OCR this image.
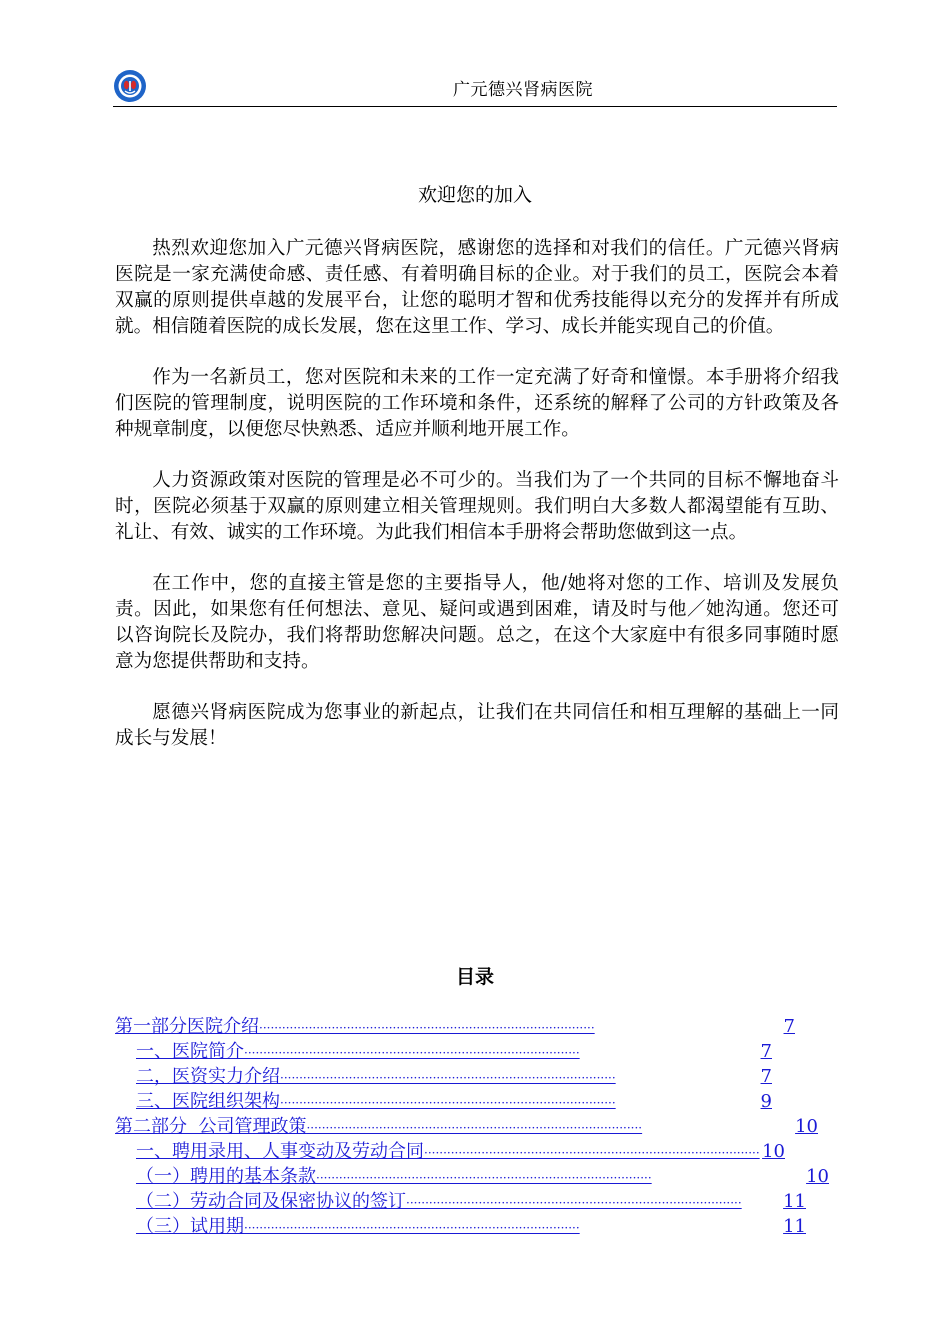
广元德兴肾病医院
欢迎您的加入

热烈欢迎您加入广元德兴肾病医院，感谢您的选择和对我们的信任。广元德兴肾病医院是一家充满使命感、责任感、有着明确目标的企业。对于我们的员工，医院会本着双赢的原则提供卓越的发展平台，让您的聪明才智和优秀技能得以充分的发挥并有所成就。相信随着医院的成长发展，您在这里工作、学习、成长并能实现自己的价值。

作为一名新员工，您对医院和未来的工作一定充满了好奇和憧憬。本手册将介绍我们医院的管理制度，说明医院的工作环境和条件，还系统的解释了公司的方针政策及各种规章制度，以便您尽快熟悉、适应并顺利地开展工作。

人力资源政策对医院的管理是必不可少的。当我们为了一个共同的目标不懈地奋斗时，医院必须基于双赢的原则建立相关管理规则。我们明白大多数人都渴望能有互助、礼让、有效、诚实的工作环境。为此我们相信本手册将会帮助您做到这一点。

在工作中，您的直接主管是您的主要指导人，他/她将对您的工作、培训及发展负责。因此，如果您有任何想法、意见、疑问或遇到困难，请及时与他／她沟通。您还可以咨询院长及院办，我们将帮助您解决问题。总之，在这个大家庭中有很多同事随时愿意为您提供帮助和支持。

愿德兴肾病医院成为您事业的新起点，让我们在共同信任和相互理解的基础上一同成长与发展！

目录
第一部分医院介绍 ························································································	7
一、医院简介 ························································································	7
二，医资实力介绍 ························································································	7
三、医院组织架构 ························································································	9
第二部分  公司管理政策 ························································································	10
一、聘用录用、人事变动及劳动合同 ························································································ 10
（一）聘用的基本条款 ························································································	10
（二）劳动合同及保密协议的签订 ························································································	11
（三）试用期 ························································································	11
